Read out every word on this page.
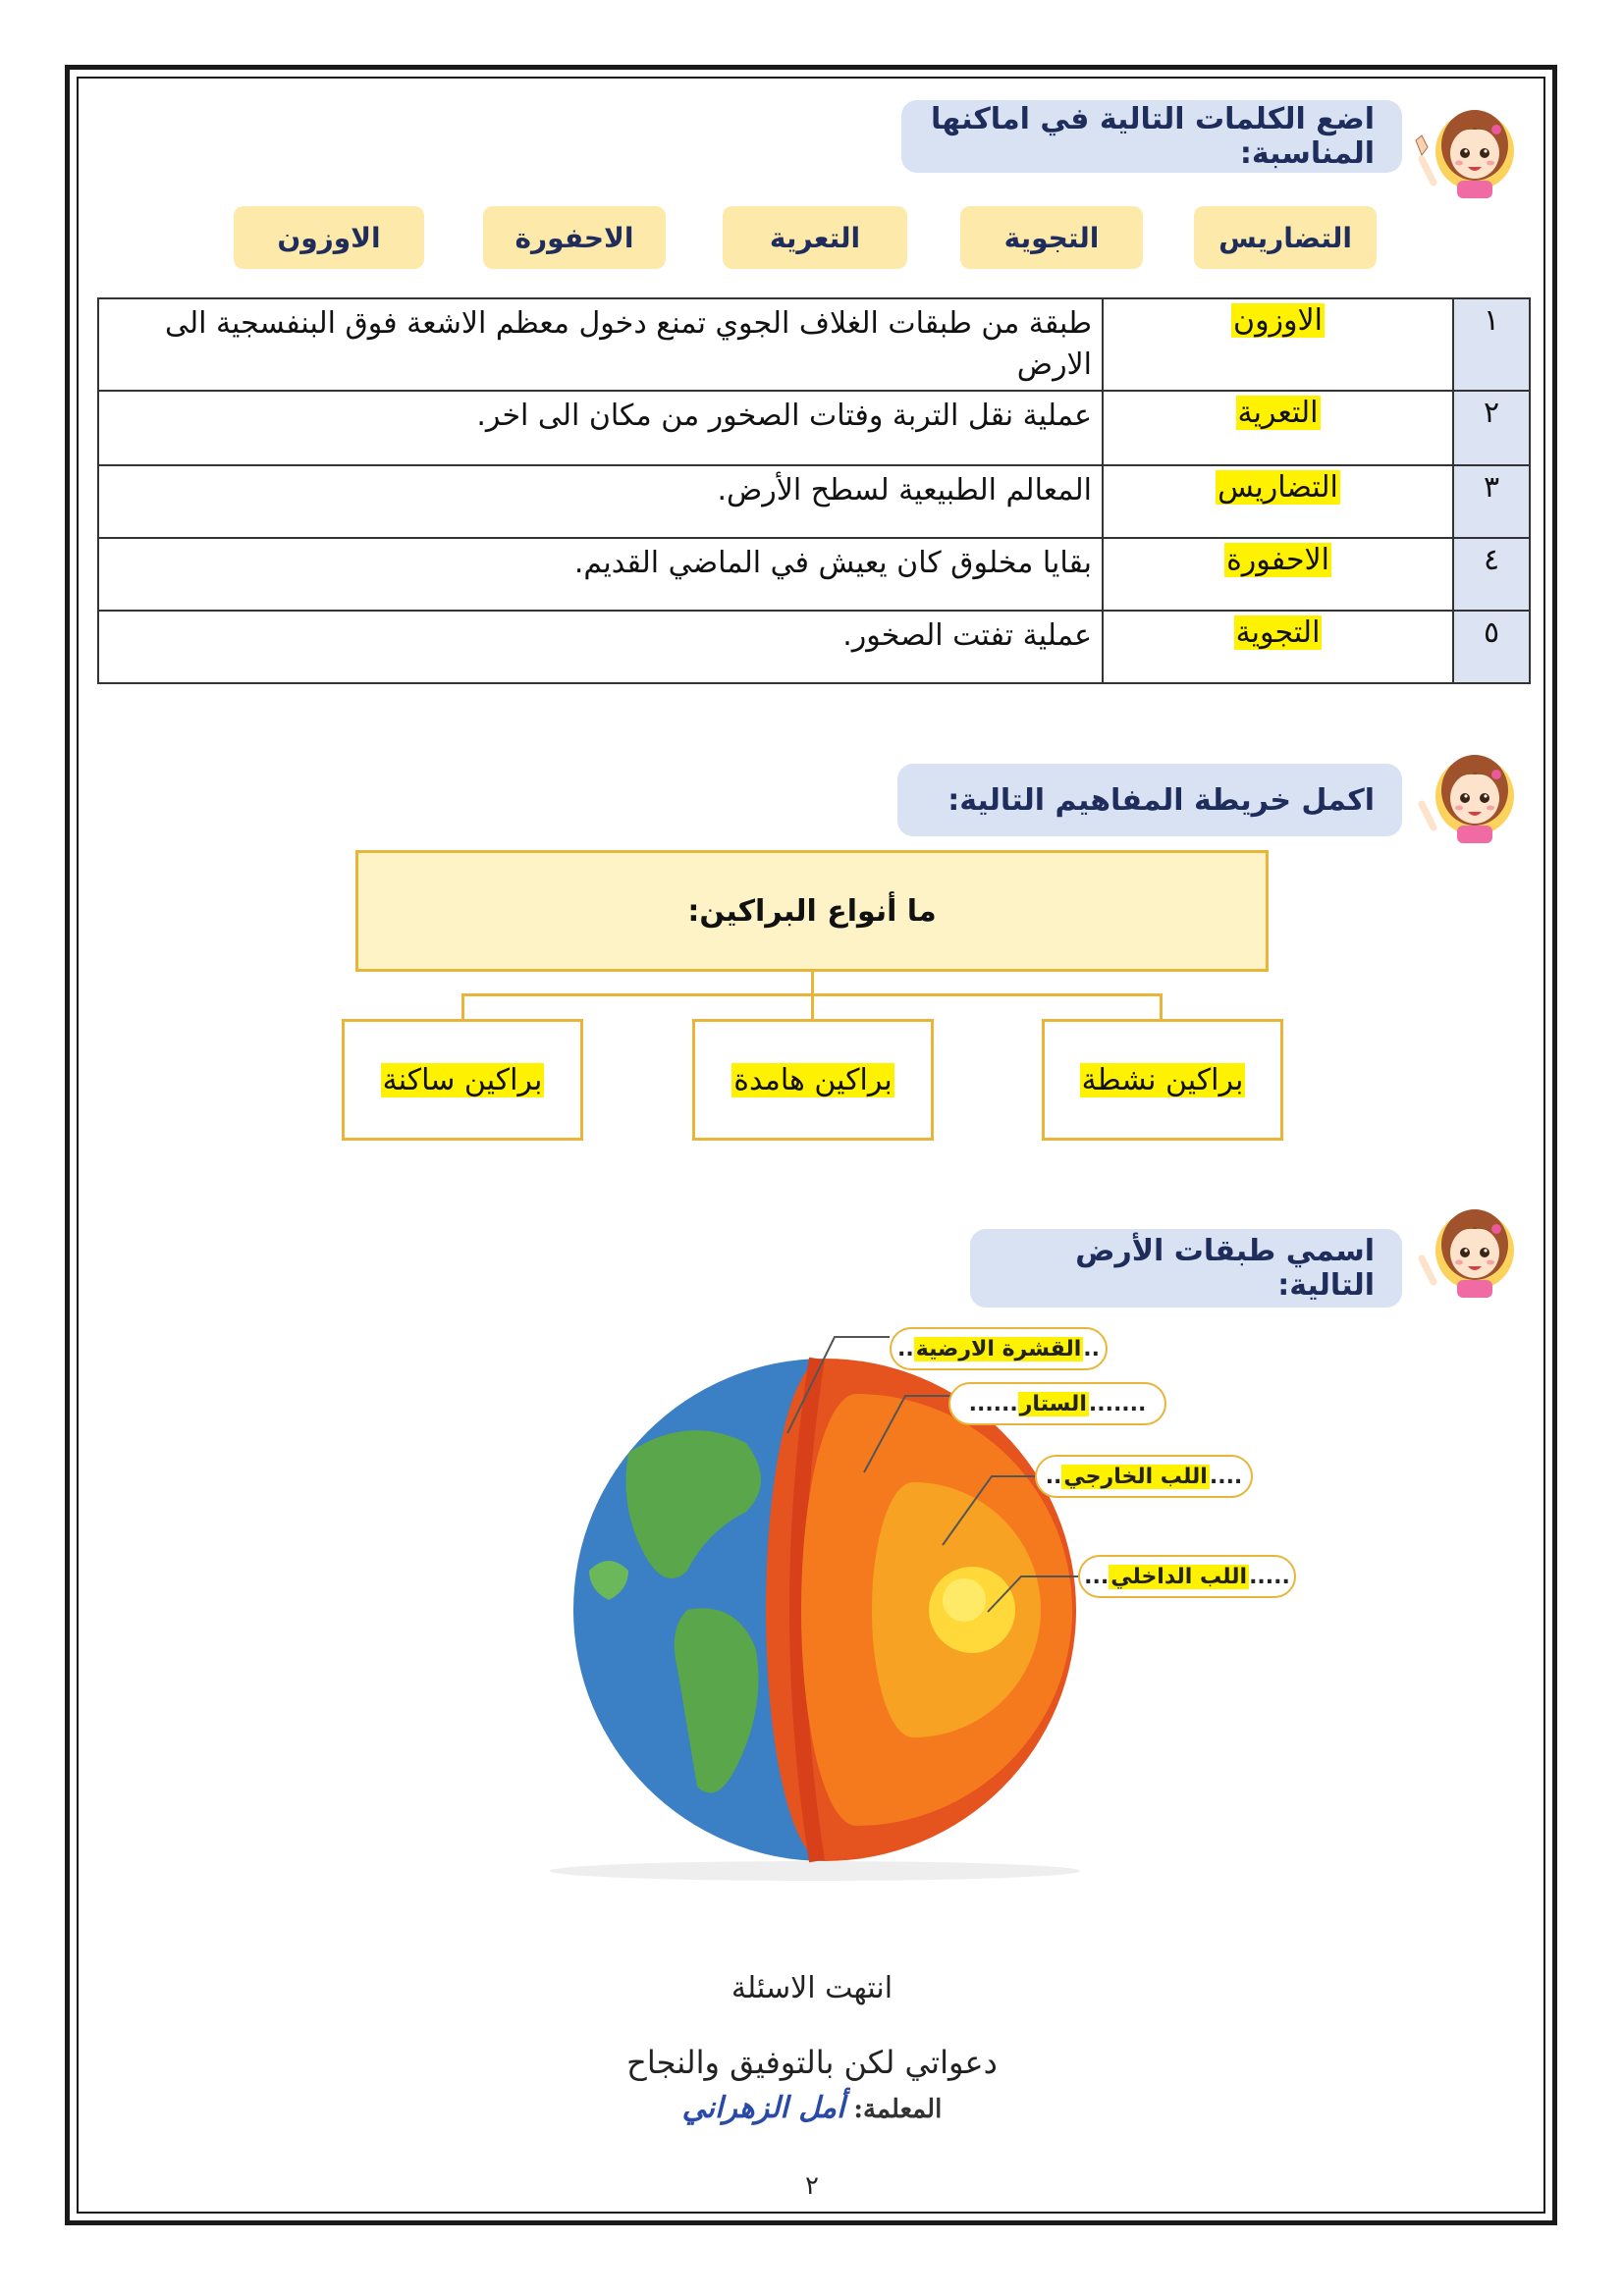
اضع الكلمات التالية في اماكنها المناسبة:
التضاريس
التجوية
التعرية
الاحفورة
الاوزون
١	الاوزون	طبقة من طبقات الغلاف الجوي تمنع دخول معظم الاشعة فوق البنفسجية الى الارض
٢	التعرية	عملية نقل التربة وفتات الصخور من مكان الى اخر.
٣	التضاريس	المعالم الطبيعية لسطح الأرض.
٤	الاحفورة	بقايا مخلوق كان يعيش في الماضي القديم.
٥	التجوية	عملية تفتت الصخور.
اكمل خريطة المفاهيم التالية:
ما أنواع البراكين:
براكين نشطة
براكين هامدة
براكين ساكنة
اسمي طبقات الأرض التالية:
..
القشرة الارضية
..
.......
الستار
......
....
اللب الخارجي
..
.....
اللب الداخلي
...
انتهت الاسئلة
دعواتي لكن بالتوفيق والنجاح
المعلمة: أمل الزهراني
٢
